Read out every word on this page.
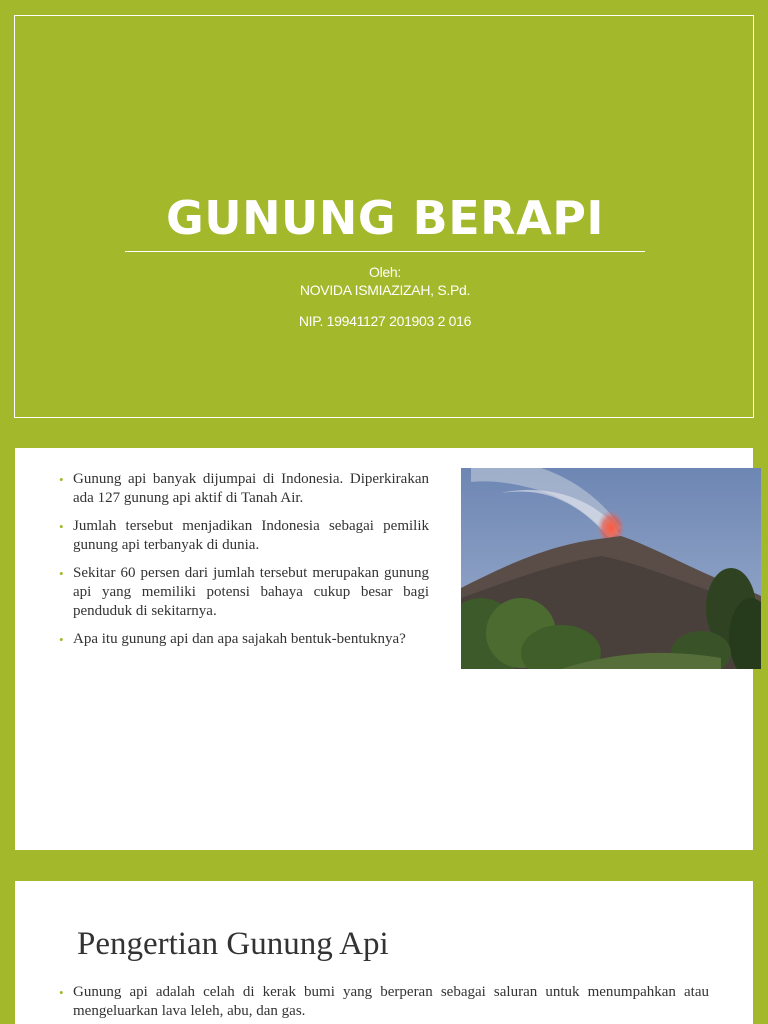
GUNUNG BERAPI
Oleh:
NOVIDA ISMIAZIZAH, S.Pd.
NIP. 19941127 201903 2 016
• Gunung api banyak dijumpai di Indonesia. Diperkirakan ada 127 gunung api aktif di Tanah Air.
• Jumlah tersebut menjadikan Indonesia sebagai pemilik gunung api terbanyak di dunia.
• Sekitar 60 persen dari jumlah tersebut merupakan gunung api yang memiliki potensi bahaya cukup besar bagi penduduk di sekitarnya.
• Apa itu gunung api dan apa sajakah bentuk-bentuknya?
Pengertian Gunung Api
• Gunung api adalah celah di kerak bumi yang berperan sebagai saluran untuk menumpahkan atau mengeluarkan lava leleh, abu, dan gas.
